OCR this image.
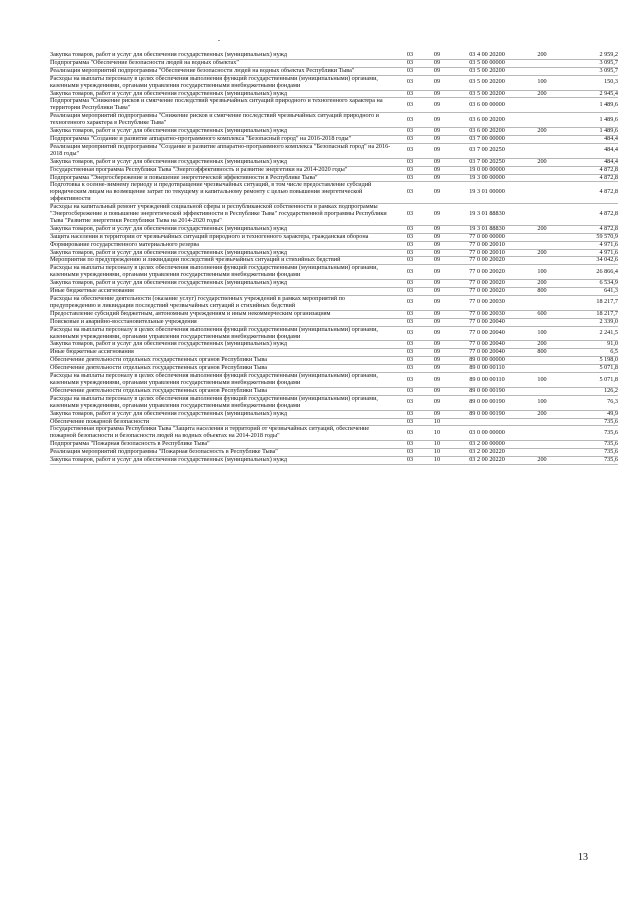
Закупка товаров, работ и услуг для обеспечения государственных (муниципальных) нужд	03	09	03 4 00 20200	200	2 959,2
Подпрограмма "Обеспечение безопасности людей на водных объектах"	03	09	03 5 00 00000		3 095,7
Реализация мероприятий подпрограммы "Обеспечение безопасности людей на водных объектах Республики Тыва"	03	09	03 5 00 20200		3 095,7
Расходы на выплаты персоналу в целях обеспечения выполнения функций государственными (муниципальными) органами, казенными учреждениями, органами управления государственными внебюджетными фондами	03	09	03 5 00 20200	100	150,3
Закупка товаров, работ и услуг для обеспечения государственных (муниципальных) нужд	03	09	03 5 00 20200	200	2 945,4
Подпрограмма "Снижение рисков и смягчение последствий чрезвычайных ситуаций природного и техногенного характера на территории Республики Тыва"	03	09	03 6 00 00000		1 489,6
Реализация мероприятий подпрограммы "Снижение рисков и смягчение последствий чрезвычайных ситуаций природного и техногенного характера в Республике Тыва"	03	09	03 6 00 20200		1 489,6
Закупка товаров, работ и услуг для обеспечения государственных (муниципальных) нужд	03	09	03 6 00 20200	200	1 489,6
Подпрограмма "Создание и развитие аппаратно-программного комплекса "Безопасный город" на 2016-2018 годы"	03	09	03 7 00 00000		484,4
Реализация мероприятий подпрограммы "Создание и развитие аппаратно-программного комплекса "Безопасный город" на 2016-2018 годы"	03	09	03 7 00 20250		484,4
Закупка товаров, работ и услуг для обеспечения государственных (муниципальных) нужд	03	09	03 7 00 20250	200	484,4
Государственная программа Республики Тыва "Энергоэффективность и развитие энергетики на 2014-2020 годы"	03	09	19 0 00 00000		4 872,8
Подпрограмма "Энергосбережение и повышение энергетической эффективности в Республике Тыва"	03	09	19 3 00 00000		4 872,8
Подготовка к осенне-зимнему периоду и предотвращение чрезвычайных ситуаций, в том числе предоставление субсидий юридическим лицам на возмещение затрат по текущему и капитальному ремонту с целью повышения энергетической эффективности	03	09	19 3 01 00000		4 872,8
Расходы на капитальный ремонт учреждений социальной сферы и республиканской собственности в рамках подпрограммы "Энергосбережение и повышение энергетической эффективности в Республике Тыва" государственной программы Республики Тыва "Развитие энергетики Республики Тыва на 2014-2020 годы"	03	09	19 3 01 88830		4 872,8
Закупка товаров, работ и услуг для обеспечения государственных (муниципальных) нужд	03	09	19 3 01 88830	200	4 872,8
Защита населения и территории от чрезвычайных ситуаций природного и техногенного характера, гражданская оборона	03	09	77 0 00 00000		59 570,9
Формирование государственного материального резерва	03	09	77 0 00 20010		4 971,6
Закупка товаров, работ и услуг для обеспечения государственных (муниципальных) нужд	03	09	77 0 00 20010	200	4 971,6
Мероприятия по предупреждению и ликвидации последствий чрезвычайных ситуаций и стихийных бедствий	03	09	77 0 00 20020		34 042,6
Расходы на выплаты персоналу в целях обеспечения выполнения функций государственными (муниципальными) органами, казенными учреждениями, органами управления государственными внебюджетными фондами	03	09	77 0 00 20020	100	26 866,4
Закупка товаров, работ и услуг для обеспечения государственных (муниципальных) нужд	03	09	77 0 00 20020	200	6 534,9
Иные бюджетные ассигнования	03	09	77 0 00 20020	800	641,3
Расходы на обеспечение деятельности (оказание услуг) государственных учреждений в рамках мероприятий по предупреждению и ликвидации последствий чрезвычайных ситуаций и стихийных бедствий	03	09	77 0 00 20030		18 217,7
Предоставление субсидий бюджетным, автономным учреждениям и иным некоммерческим организациям	03	09	77 0 00 20030	600	18 217,7
Поисковые и аварийно-восстановительные учреждения	03	09	77 0 00 20040		2 339,0
Расходы на выплаты персоналу в целях обеспечения выполнения функций государственными (муниципальными) органами, казенными учреждениями, органами управления государственными внебюджетными фондами	03	09	77 0 00 20040	100	2 241,5
Закупка товаров, работ и услуг для обеспечения государственных (муниципальных) нужд	03	09	77 0 00 20040	200	91,0
Иные бюджетные ассигнования	03	09	77 0 00 20040	800	6,5
Обеспечение деятельности отдельных государственных органов Республики Тыва	03	09	89 0 00 00000		5 198,0
Обеспечение деятельности отдельных государственных органов Республики Тыва	03	09	89 0 00 00110		5 071,8
Расходы на выплаты персоналу в целях обеспечения выполнения функций государственными (муниципальными) органами, казенными учреждениями, органами управления государственными внебюджетными фондами	03	09	89 0 00 00110	100	5 071,8
Обеспечение деятельности отдельных государственных органов Республики Тыва	03	09	89 0 00 00190		126,2
Расходы на выплаты персоналу в целях обеспечения выполнения функций государственными (муниципальными) органами, казенными учреждениями, органами управления государственными внебюджетными фондами	03	09	89 0 00 00190	100	76,3
Закупка товаров, работ и услуг для обеспечения государственных (муниципальных) нужд	03	09	89 0 00 00190	200	49,9
Обеспечение пожарной безопасности	03	10			735,6
Государственная программа Республики Тыва "Защита населения и территорий от чрезвычайных ситуаций, обеспечение пожарной безопасности и безопасности людей на водных объектах на 2014-2018 годы"	03	10	03 0 00 00000		735,6
Подпрограмма "Пожарная безопасность в Республике Тыва"	03	10	03 2 00 00000		735,6
Реализация мероприятий подпрограммы "Пожарная безопасность в Республике Тыва"	03	10	03 2 00 20220		735,6
Закупка товаров, работ и услуг для обеспечения государственных (муниципальных) нужд	03	10	03 2 00 20220	200	735,6
13
